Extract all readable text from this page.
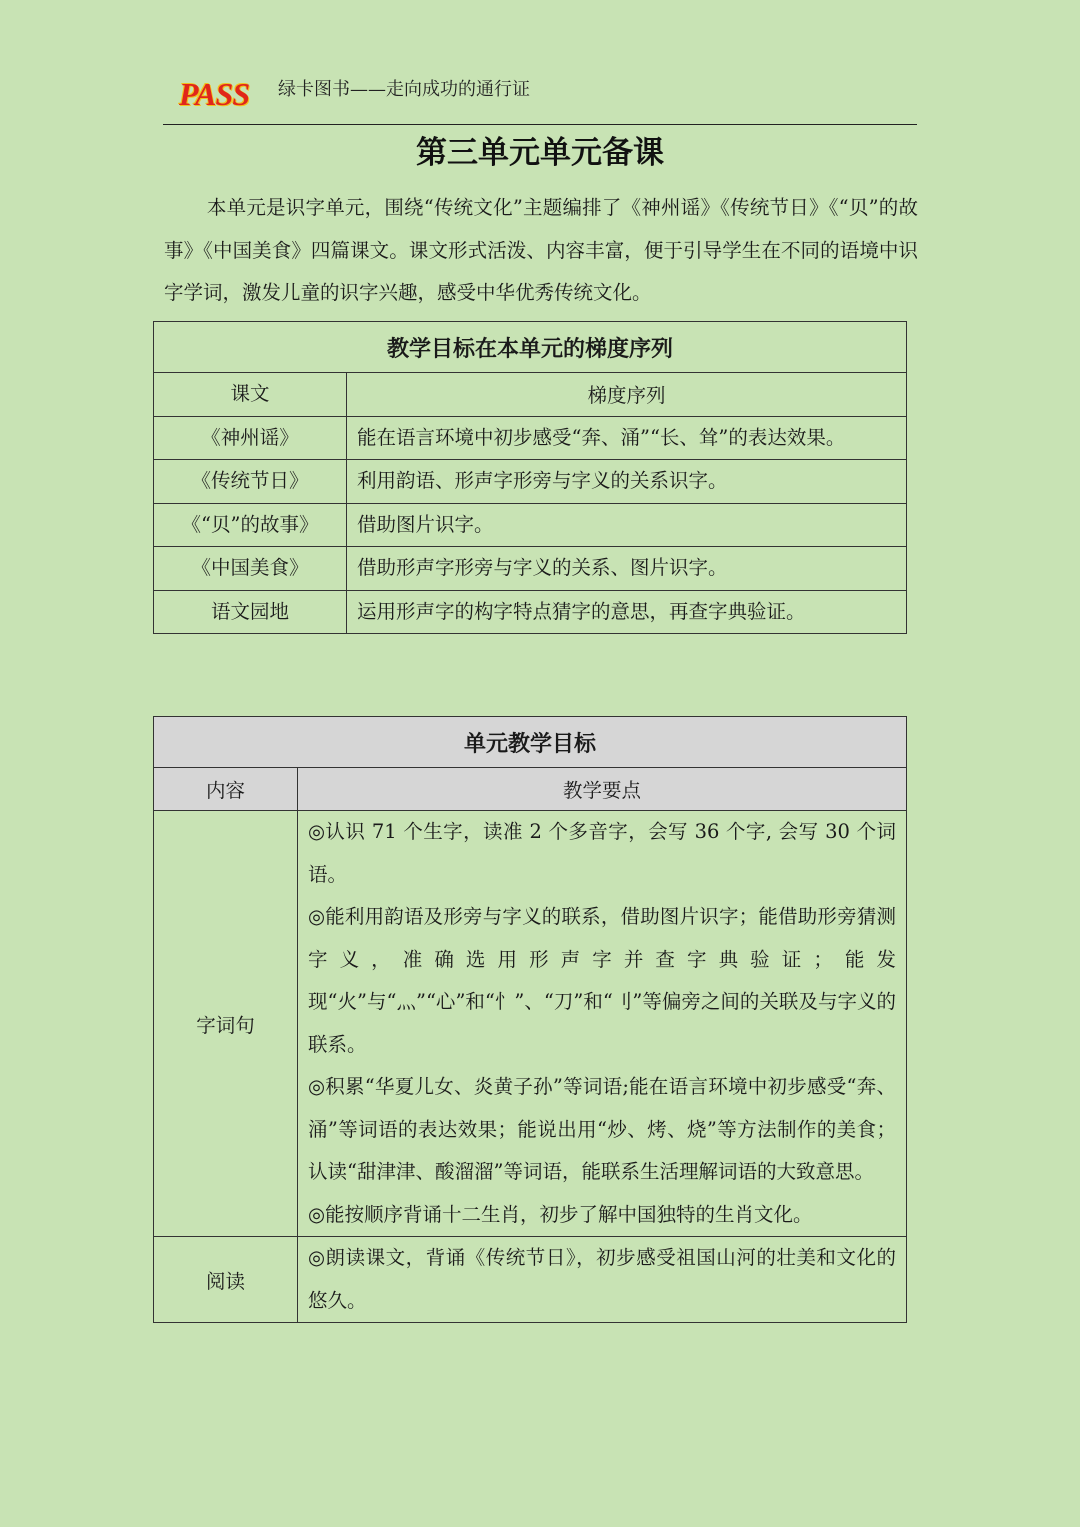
PASS 绿卡图书——走向成功的通行证
第三单元单元备课

本单元是识字单元，围绕“传统文化”主题编排了《神州谣》《传统节日》《“贝”的故事》《中国美食》四篇课文。课文形式活泼、内容丰富，便于引导学生在不同的语境中识字学词，激发儿童的识字兴趣，感受中华优秀传统文化。

教学目标在本单元的梯度序列	
课文	梯度序列
《神州谣》	能在语言环境中初步感受“奔、涌”“长、耸”的表达效果。
《传统节日》	利用韵语、形声字形旁与字义的关系识字。
《“贝”的故事》	借助图片识字。
《中国美食》	借助形声字形旁与字义的关系、图片识字。
语文园地	运用形声字的构字特点猜字的意思，再查字典验证。
单元教学目标	
内容	教学要点
字词句	◎认识 71 个生字，读准 2 个多音字，会写 36 个字, 会写 30 个词语。

◎能利用韵语及形旁与字义的联系，借助图片识字；能借助形旁猜测字义，准确选用形声字并查字典验证；能发现“火”与“灬”“心”和“忄”、“刀”和“刂”等偏旁之间的关联及与字义的联系。

◎积累“华夏儿女、炎黄子孙”等词语;能在语言环境中初步感受“奔、涌”等词语的表达效果；能说出用“炒、烤、烧”等方法制作的美食；认读“甜津津、酸溜溜”等词语，能联系生活理解词语的大致意思。

◎能按顺序背诵十二生肖，初步了解中国独特的生肖文化。

阅读	◎朗读课文，背诵《传统节日》，初步感受祖国山河的壮美和文化的悠久。
